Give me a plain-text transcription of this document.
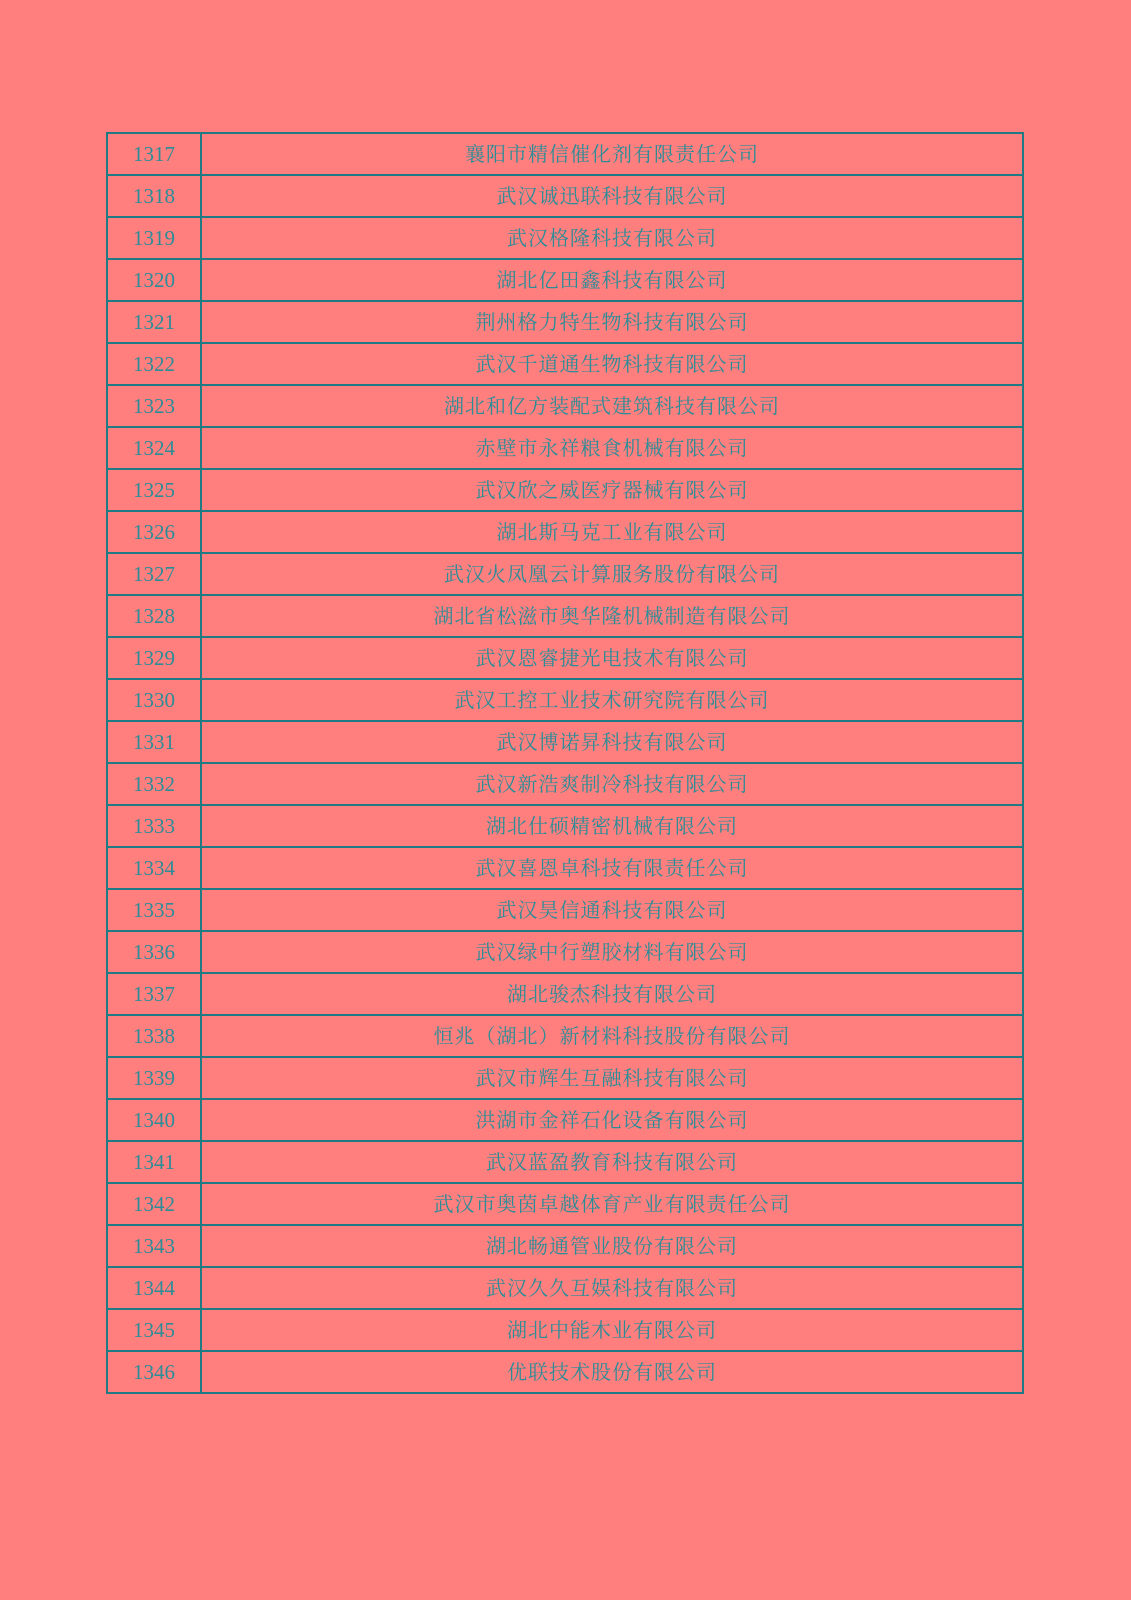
1317	襄阳市精信催化剂有限责任公司
1318	武汉诚迅联科技有限公司
1319	武汉格隆科技有限公司
1320	湖北亿田鑫科技有限公司
1321	荆州格力特生物科技有限公司
1322	武汉千道通生物科技有限公司
1323	湖北和亿方装配式建筑科技有限公司
1324	赤壁市永祥粮食机械有限公司
1325	武汉欣之威医疗器械有限公司
1326	湖北斯马克工业有限公司
1327	武汉火凤凰云计算服务股份有限公司
1328	湖北省松滋市奥华隆机械制造有限公司
1329	武汉恩睿捷光电技术有限公司
1330	武汉工控工业技术研究院有限公司
1331	武汉博诺昇科技有限公司
1332	武汉新浩爽制冷科技有限公司
1333	湖北仕硕精密机械有限公司
1334	武汉喜恩卓科技有限责任公司
1335	武汉昊信通科技有限公司
1336	武汉绿中行塑胶材料有限公司
1337	湖北骏杰科技有限公司
1338	恒兆（湖北）新材料科技股份有限公司
1339	武汉市辉生互融科技有限公司
1340	洪湖市金祥石化设备有限公司
1341	武汉蓝盈教育科技有限公司
1342	武汉市奥茵卓越体育产业有限责任公司
1343	湖北畅通管业股份有限公司
1344	武汉久久互娱科技有限公司
1345	湖北中能木业有限公司
1346	优联技术股份有限公司
